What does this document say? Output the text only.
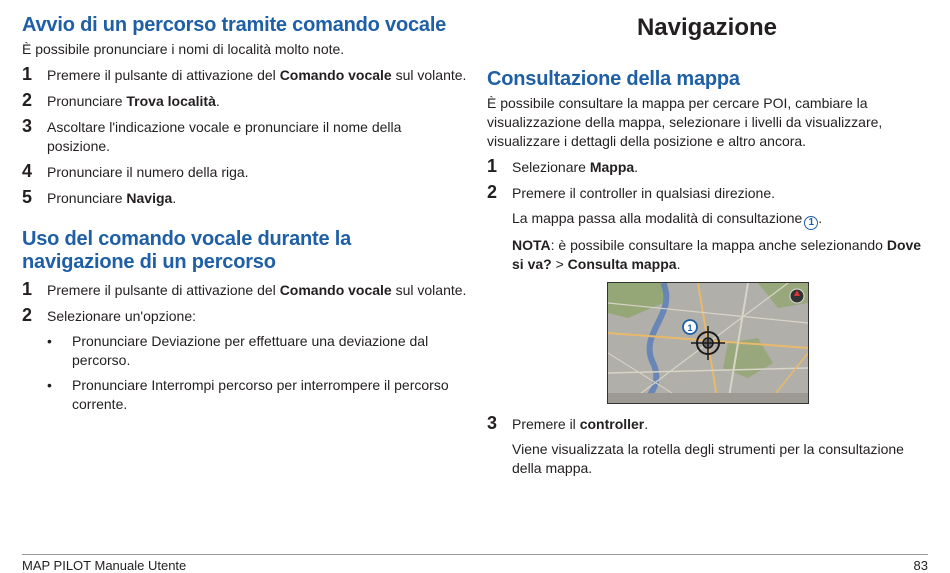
Avvio di un percorso tramite comando vocale

È possibile pronunciare i nomi di località molto note.

1	Premere il pulsante di attivazione del Comando vocale sul volante.
2	Pronunciare Trova località.
3	Ascoltare l'indicazione vocale e pronunciare il nome della posizione.
4	Pronunciare il numero della riga.
5	Pronunciare Naviga.
Uso del comando vocale durante la navigazione di un percorso
1	Premere il pulsante di attivazione del Comando vocale sul volante.
2	Selezionare un'opzione:
•	Pronunciare Deviazione per effettuare una deviazione dal percorso.
•	Pronunciare Interrompi percorso per interrompere il percorso corrente.
Navigazione
Consultazione della mappa

È possibile consultare la mappa per cercare POI, cambiare la visualizzazione della mappa, selezionare i livelli da visualizzare, visualizzare i dettagli della posizione e altro ancora.

1	Selezionare Mappa.
2	Premere il controller in qualsiasi direzione.
La mappa passa alla modalità di consultazione 1 .
NOTA: è possibile consultare la mappa anche selezionando Dove si va? > Consulta mappa.
1
3	Premere il controller.
Viene visualizzata la rotella degli strumenti per la consultazione della mappa.
MAP PILOT Manuale Utente	83
